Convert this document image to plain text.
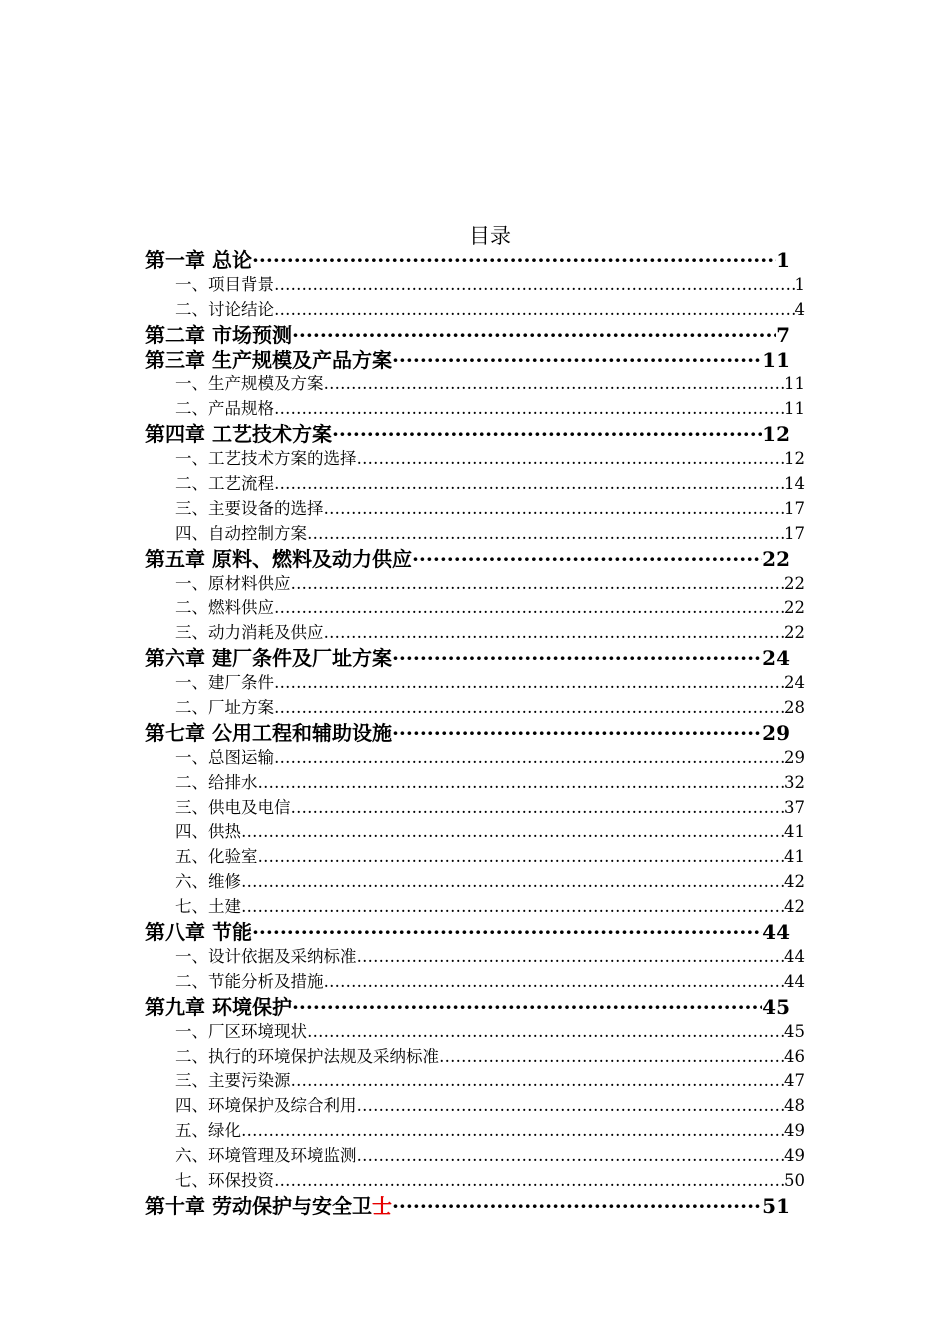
目录
第一章 总论 ·····	1
一、项目背景 …………………………………………………………………………………………………………………………………………………………………………………	1
二、讨论结论 …………………………………………………………………………………………………………………………………………………………………………………	4
第二章 市场预测 ·····	7
第三章 生产规模及产品方案 ·····	11
一、生产规模及方案 …………………………………………………………………………………………………………………………………………………………………………………	11
二、产品规格 …………………………………………………………………………………………………………………………………………………………………………………	11
第四章 工艺技术方案 ·····	12
一、工艺技术方案的选择 …………………………………………………………………………………………………………………………………………………………………………………	12
二、工艺流程 …………………………………………………………………………………………………………………………………………………………………………………	14
三、主要设备的选择 …………………………………………………………………………………………………………………………………………………………………………………	17
四、自动控制方案 …………………………………………………………………………………………………………………………………………………………………………………	17
第五章 原料、燃料及动力供应 ·····	22
一、原材料供应 …………………………………………………………………………………………………………………………………………………………………………………	22
二、燃料供应 …………………………………………………………………………………………………………………………………………………………………………………	22
三、动力消耗及供应 …………………………………………………………………………………………………………………………………………………………………………………	22
第六章 建厂条件及厂址方案 ·····	24
一、建厂条件 …………………………………………………………………………………………………………………………………………………………………………………	24
二、厂址方案 …………………………………………………………………………………………………………………………………………………………………………………	28
第七章 公用工程和辅助设施 ·····	29
一、总图运输 …………………………………………………………………………………………………………………………………………………………………………………	29
二、给排水 …………………………………………………………………………………………………………………………………………………………………………………	32
三、供电及电信 …………………………………………………………………………………………………………………………………………………………………………………	37
四、供热 …………………………………………………………………………………………………………………………………………………………………………………	41
五、化验室 …………………………………………………………………………………………………………………………………………………………………………………	41
六、维修 …………………………………………………………………………………………………………………………………………………………………………………	42
七、土建 …………………………………………………………………………………………………………………………………………………………………………………	42
第八章 节能 ·····	44
一、设计依据及采纳标准 …………………………………………………………………………………………………………………………………………………………………………………	44
二、节能分析及措施 …………………………………………………………………………………………………………………………………………………………………………………	44
第九章 环境保护 ·····	45
一、厂区环境现状 …………………………………………………………………………………………………………………………………………………………………………………	45
二、执行的环境保护法规及采纳标准 …………………………………………………………………………………………………………………………………………………………………………………	46
三、主要污染源 …………………………………………………………………………………………………………………………………………………………………………………	47
四、环境保护及综合利用 …………………………………………………………………………………………………………………………………………………………………………………	48
五、绿化 …………………………………………………………………………………………………………………………………………………………………………………	49
六、环境管理及环境监测 …………………………………………………………………………………………………………………………………………………………………………………	49
七、环保投资 …………………………………………………………………………………………………………………………………………………………………………………	50
第十章 劳动保护与安全卫士 ·····	51
